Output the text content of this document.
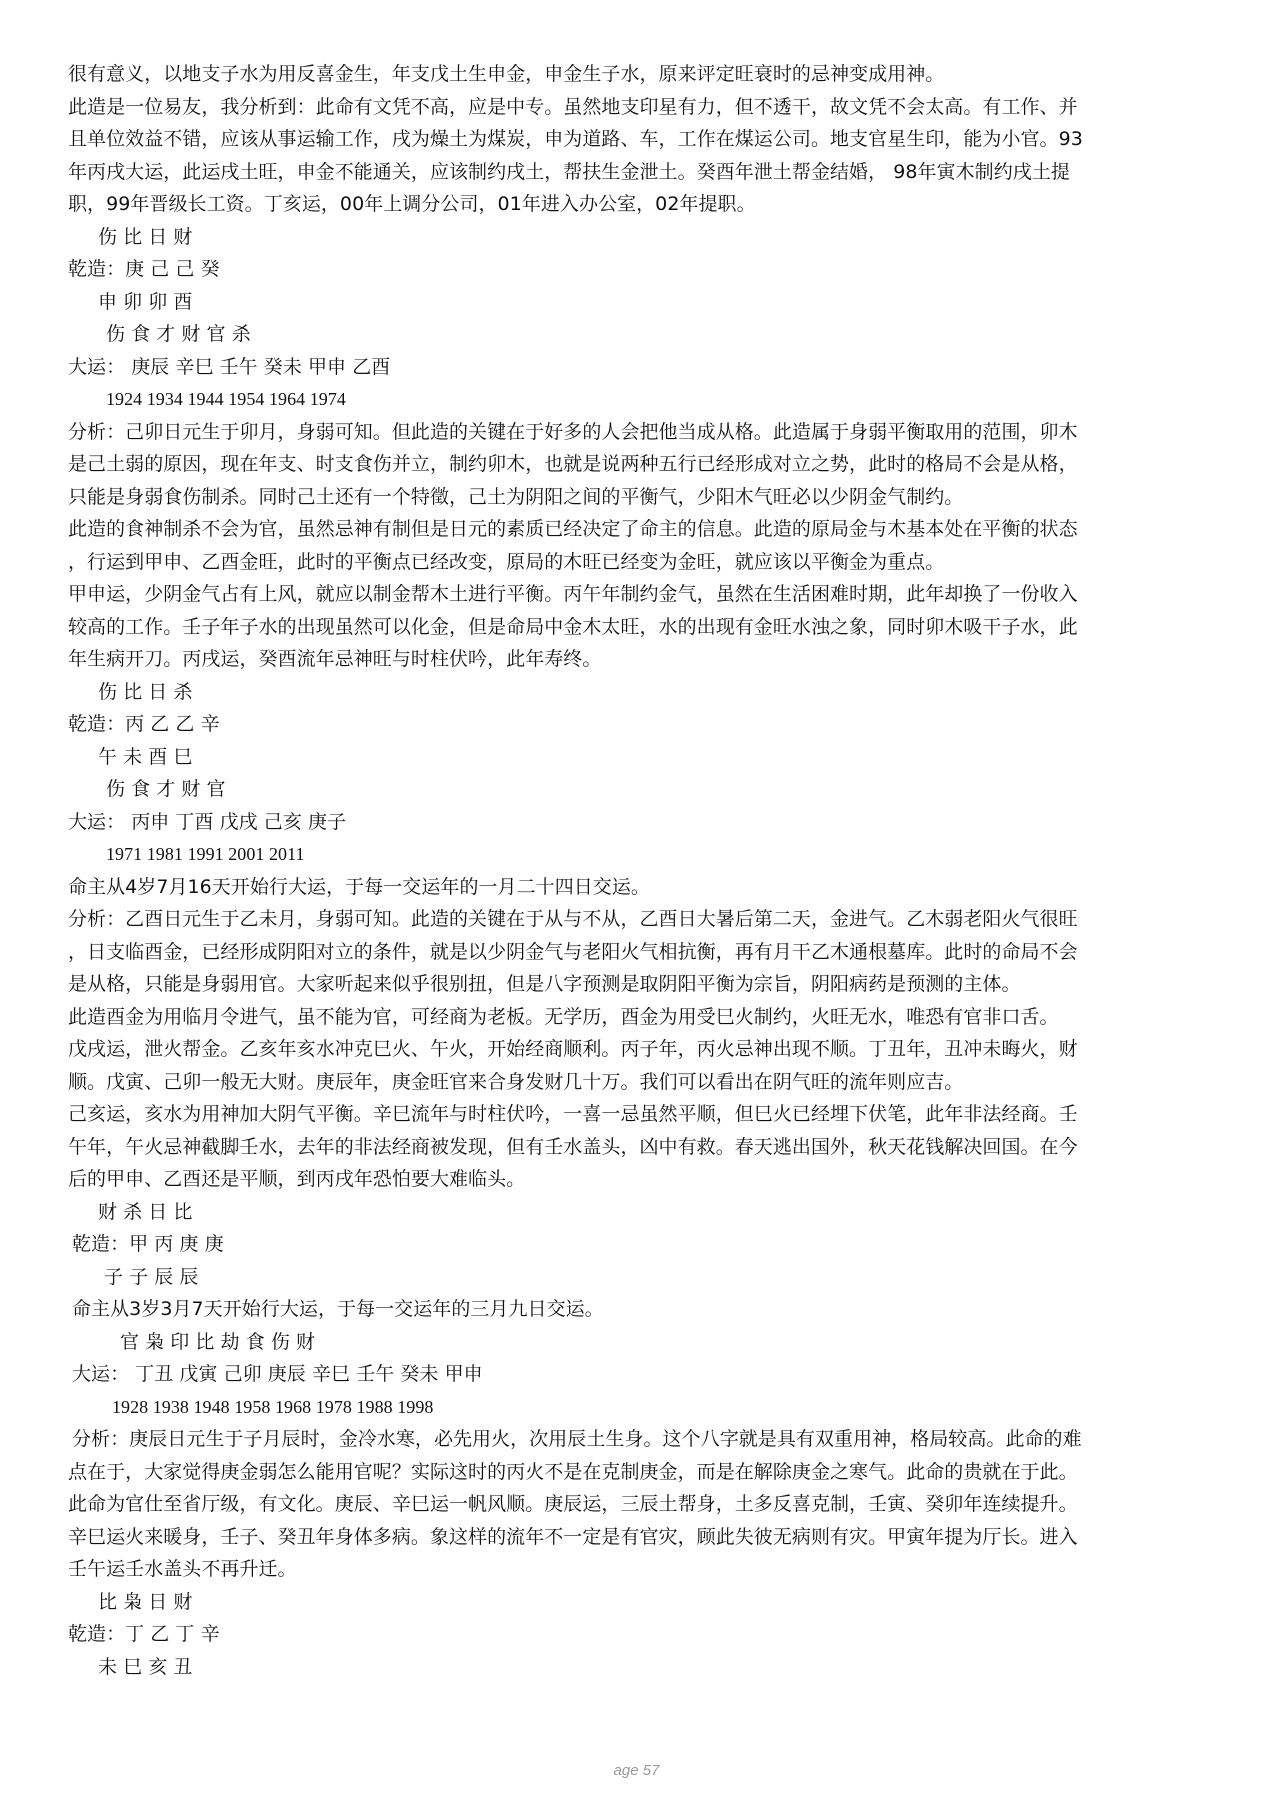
很有意义，以地支子水为用反喜金生，年支戊土生申金，申金生子水，原来评定旺衰时的忌神变成用神。
此造是一位易友，我分析到：此命有文凭不高，应是中专。虽然地支印星有力，但不透干，故文凭不会太高。有工作、并
且单位效益不错，应该从事运输工作，戌为燥土为煤炭，申为道路、车，工作在煤运公司。地支官星生印，能为小官。93
年丙戌大运，此运戌土旺，申金不能通关，应该制约戌土，帮扶生金泄土。癸酉年泄土帮金结婚， 98年寅木制约戌土提
职，99年晋级长工资。丁亥运，00年上调分公司，01年进入办公室，02年提职。
伤 比 日 财
乾造：庚 己 己 癸
申 卯 卯 酉
伤 食 才 财 官 杀
大运： 庚辰 辛巳 壬午 癸未 甲申 乙酉
1924 1934 1944 1954 1964 1974
分析：己卯日元生于卯月，身弱可知。但此造的关键在于好多的人会把他当成从格。此造属于身弱平衡取用的范围，卯木
是己土弱的原因，现在年支、时支食伤并立，制约卯木，也就是说两种五行已经形成对立之势，此时的格局不会是从格，
只能是身弱食伤制杀。同时己土还有一个特徵，己土为阴阳之间的平衡气，少阳木气旺必以少阴金气制约。
此造的食神制杀不会为官，虽然忌神有制但是日元的素质已经决定了命主的信息。此造的原局金与木基本处在平衡的状态
，行运到甲申、乙酉金旺，此时的平衡点已经改变，原局的木旺已经变为金旺，就应该以平衡金为重点。
甲申运，少阴金气占有上风，就应以制金帮木土进行平衡。丙午年制约金气，虽然在生活困难时期，此年却换了一份收入
较高的工作。壬子年子水的出现虽然可以化金，但是命局中金木太旺，水的出现有金旺水浊之象，同时卯木吸干子水，此
年生病开刀。丙戌运，癸酉流年忌神旺与时柱伏吟，此年寿终。
伤 比 日 杀
乾造：丙 乙 乙 辛
午 未 酉 巳
伤 食 才 财 官
大运： 丙申 丁酉 戊戌 己亥 庚子
1971 1981 1991 2001 2011
命主从4岁7月16天开始行大运，于每一交运年的一月二十四日交运。
分析：乙酉日元生于乙未月，身弱可知。此造的关键在于从与不从，乙酉日大暑后第二天，金进气。乙木弱老阳火气很旺
，日支临酉金，已经形成阴阳对立的条件，就是以少阴金气与老阳火气相抗衡，再有月干乙木通根墓库。此时的命局不会
是从格，只能是身弱用官。大家听起来似乎很别扭，但是八字预测是取阴阳平衡为宗旨，阴阳病药是预测的主体。
此造酉金为用临月令进气，虽不能为官，可经商为老板。无学历，酉金为用受巳火制约，火旺无水，唯恐有官非口舌。
戊戌运，泄火帮金。乙亥年亥水冲克巳火、午火，开始经商顺利。丙子年，丙火忌神出现不顺。丁丑年，丑冲未晦火，财
顺。戊寅、己卯一般无大财。庚辰年，庚金旺官来合身发财几十万。我们可以看出在阴气旺的流年则应吉。
己亥运，亥水为用神加大阴气平衡。辛巳流年与时柱伏吟，一喜一忌虽然平顺，但巳火已经埋下伏笔，此年非法经商。壬
午年，午火忌神截脚壬水，去年的非法经商被发现，但有壬水盖头，凶中有救。春天逃出国外，秋天花钱解决回国。在今
后的甲申、乙酉还是平顺，到丙戌年恐怕要大难临头。
财 杀 日 比
乾造：甲 丙 庚 庚
子 子 辰 辰
命主从3岁3月7天开始行大运，于每一交运年的三月九日交运。
官 枭 印 比 劫 食 伤 财
大运： 丁丑 戊寅 己卯 庚辰 辛巳 壬午 癸未 甲申
1928 1938 1948 1958 1968 1978 1988 1998
分析：庚辰日元生于子月辰时，金冷水寒，必先用火，次用辰土生身。这个八字就是具有双重用神，格局较高。此命的难
点在于，大家觉得庚金弱怎么能用官呢？实际这时的丙火不是在克制庚金，而是在解除庚金之寒气。此命的贵就在于此。
此命为官仕至省厅级，有文化。庚辰、辛巳运一帆风顺。庚辰运，三辰土帮身，土多反喜克制，壬寅、癸卯年连续提升。
辛巳运火来暖身，壬子、癸丑年身体多病。象这样的流年不一定是有官灾，顾此失彼无病则有灾。甲寅年提为厅长。进入
壬午运壬水盖头不再升迁。
比 枭 日 财
乾造：丁 乙 丁 辛
未 巳 亥 丑
age 57
